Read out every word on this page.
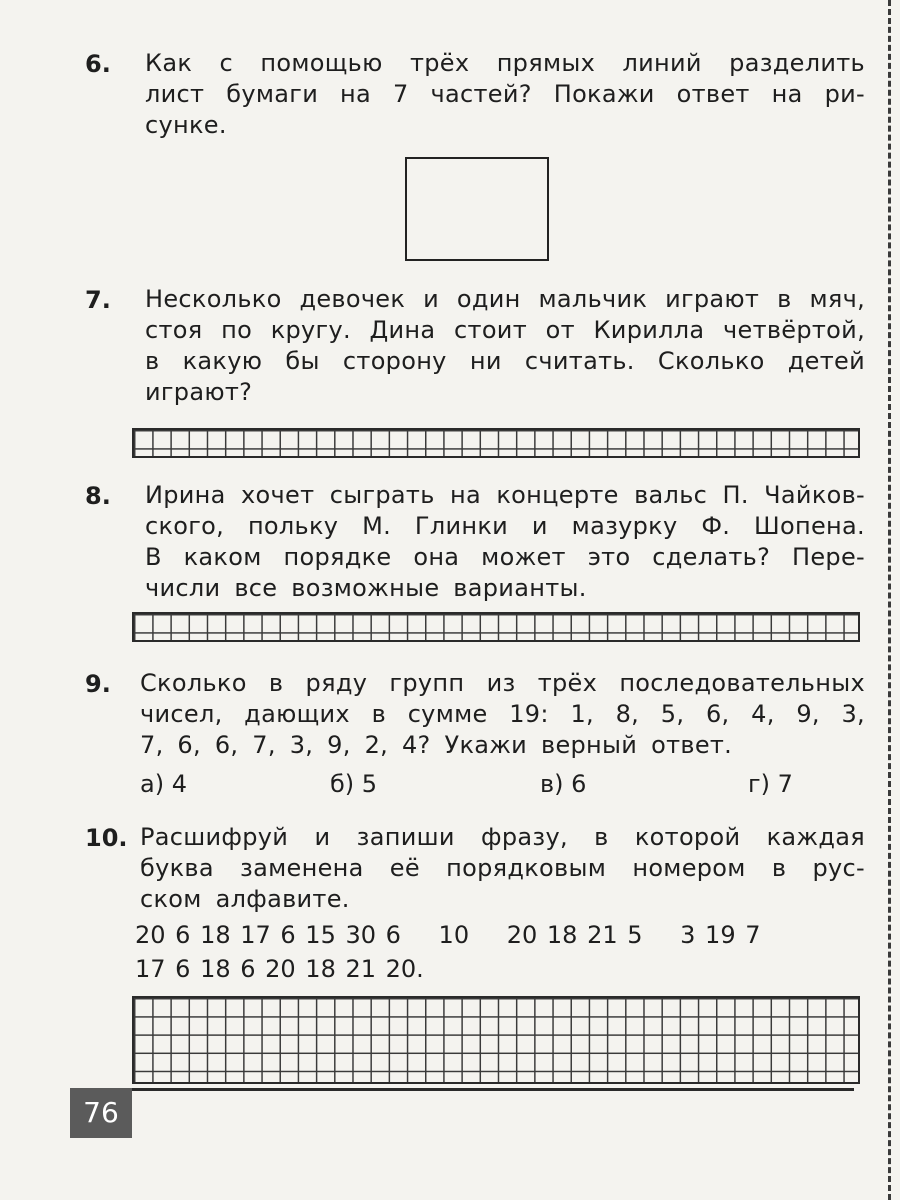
6.	Как с помощью трёх прямых линий разделить
лист бумаги на 7 частей? Покажи ответ на ри-
сунке.
7.	Несколько девочек и один мальчик играют в мяч,
стоя по кругу. Дина стоит от Кирилла четвёртой,
в какую бы сторону ни считать. Сколько детей
играют?
8.	Ирина хочет сыграть на концерте вальс П. Чайков-
ского, польку М. Глинки и мазурку Ф. Шопена.
В каком порядке она может это сделать? Пере-
числи все возможные варианты.
9.	Сколько в ряду групп из трёх последовательных
чисел, дающих в сумме 19: 1, 8, 5, 6, 4, 9, 3,
7, 6, 6, 7, 3, 9, 2, 4? Укажи верный ответ.
а) 4	б) 5	в) 6	г) 7
10. Расшифруй и запиши фразу, в которой каждая
буква заменена её порядковым номером в рус-
ском алфавите.
20 6 18 17 6 15 30 6 10 20 18 21 5 3 19 7
17 6 18 6 20 18 21 20.
76
